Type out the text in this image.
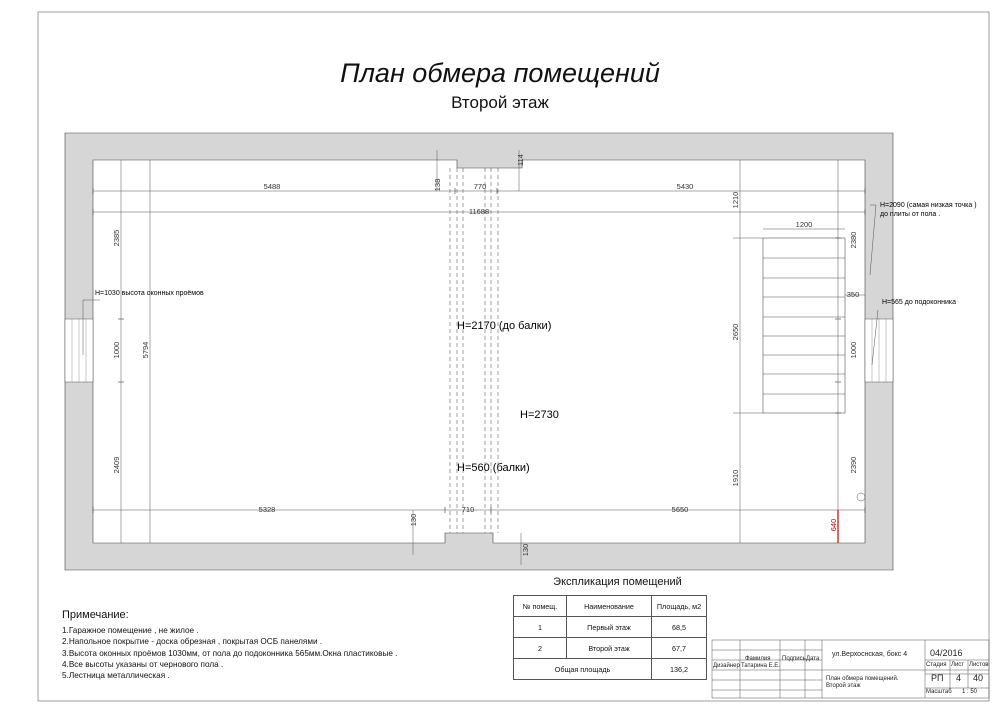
План обмера помещений
Второй этаж
5488	770	5430
11688
5328	710	5650
1200
350
138
114
2385
1000	5794
2409
130
130
1210
2650
1910
640
2380
1000
2390
H=2170 (до балки)
H=2730
H=560 (балки)
H=1030 высота оконных проёмов
H=2090 (самая низкая точка )
до плиты от пола .
H=565 до подоконника
Примечание:
1.Гаражное помещение , не жилое .
2.Напольное покрытие - доска обрезная , покрытая ОСБ панелями .
3.Высота оконных проёмов 1030мм, от пола до подоконника 565мм.Окна пластиковые .
4.Все высоты указаны от чернового пола .
5.Лестница металлическая .
Экспликация помещений
№ помещ.	Наименование	Площадь, м2
1	Первый этаж	68,5
2	Второй этаж	67,7
Общая площадь		136,2
ул.Верхоснская, бокс 4	04/2016
Фамилия Подпись Дата
Дизайнер Татарина Е.Е.	Стадия Лист Листов
РП 4 40
План обмера помещений.
Второй этаж
Масштаб 1 : 50
